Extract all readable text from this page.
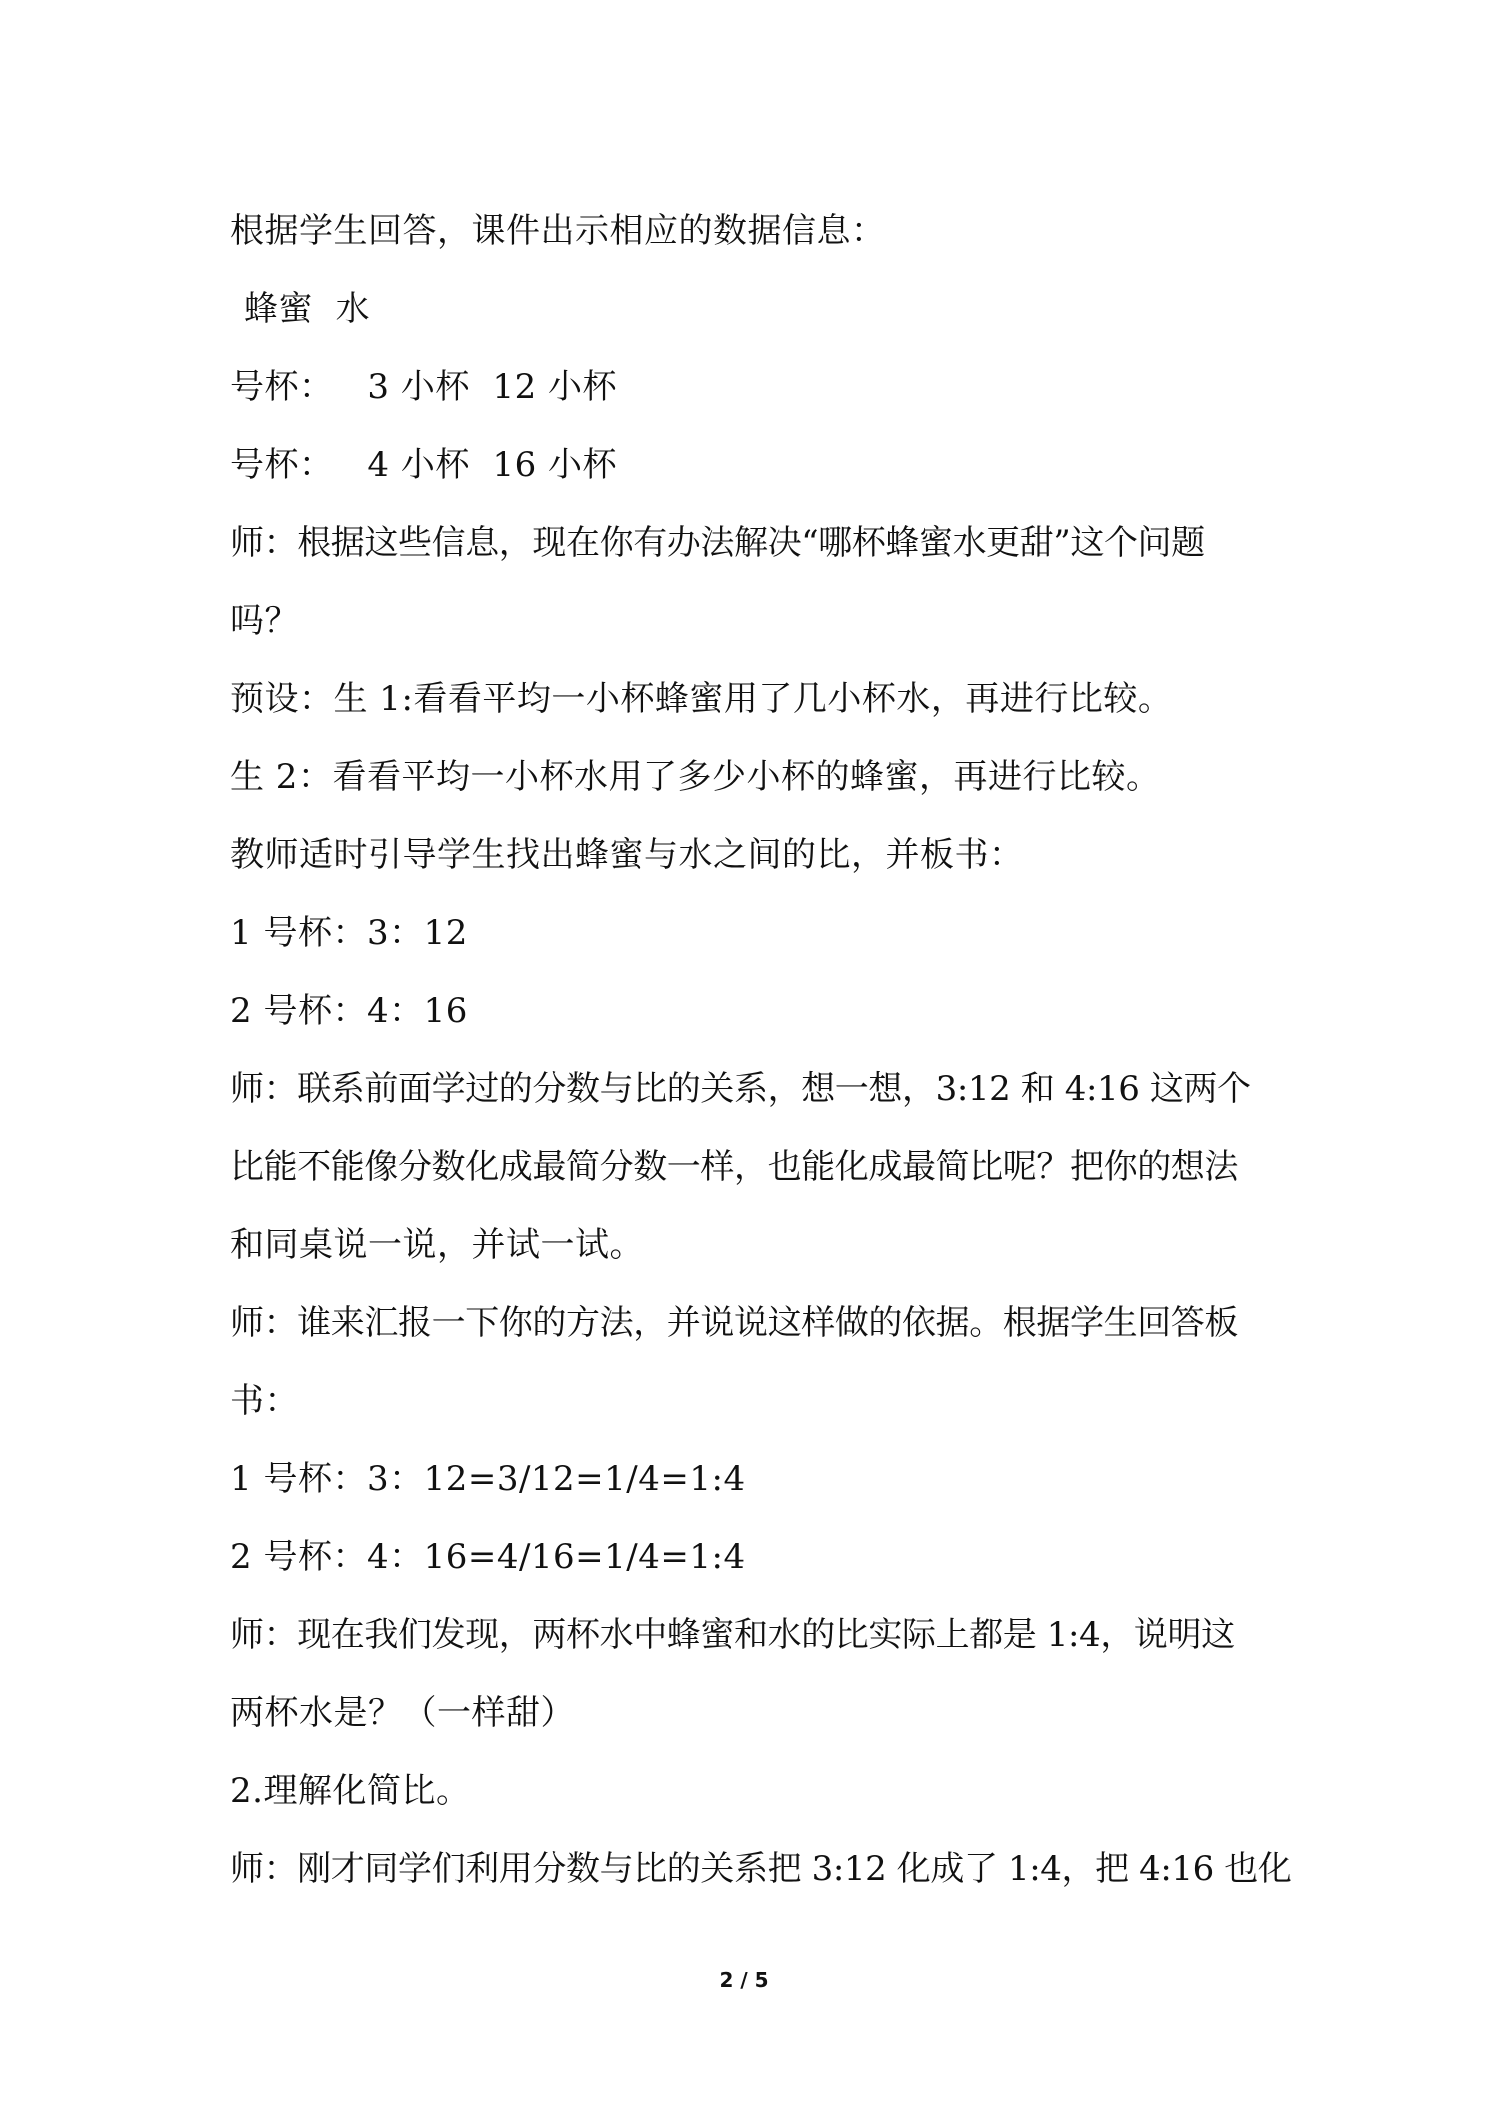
根据学生回答，课件出示相应的数据信息：
蜂蜜  水
号杯：   3 小杯  12 小杯
号杯：   4 小杯  16 小杯
师：根据这些信息，现在你有办法解决“哪杯蜂蜜水更甜”这个问题
吗？
预设：生 1:看看平均一小杯蜂蜜用了几小杯水，再进行比较。
生 2：看看平均一小杯水用了多少小杯的蜂蜜，再进行比较。
教师适时引导学生找出蜂蜜与水之间的比，并板书：
1 号杯：3：12
2 号杯：4：16
师：联系前面学过的分数与比的关系，想一想，3:12 和 4:16 这两个
比能不能像分数化成最简分数一样，也能化成最简比呢？把你的想法
和同桌说一说，并试一试。
师：谁来汇报一下你的方法，并说说这样做的依据。根据学生回答板
书：
1 号杯：3：12=3/12=1/4=1:4
2 号杯：4：16=4/16=1/4=1:4
师：现在我们发现，两杯水中蜂蜜和水的比实际上都是 1:4，说明这
两杯水是？（一样甜）
2.理解化简比。
师：刚才同学们利用分数与比的关系把 3:12 化成了 1:4，把 4:16 也化
2 / 5
